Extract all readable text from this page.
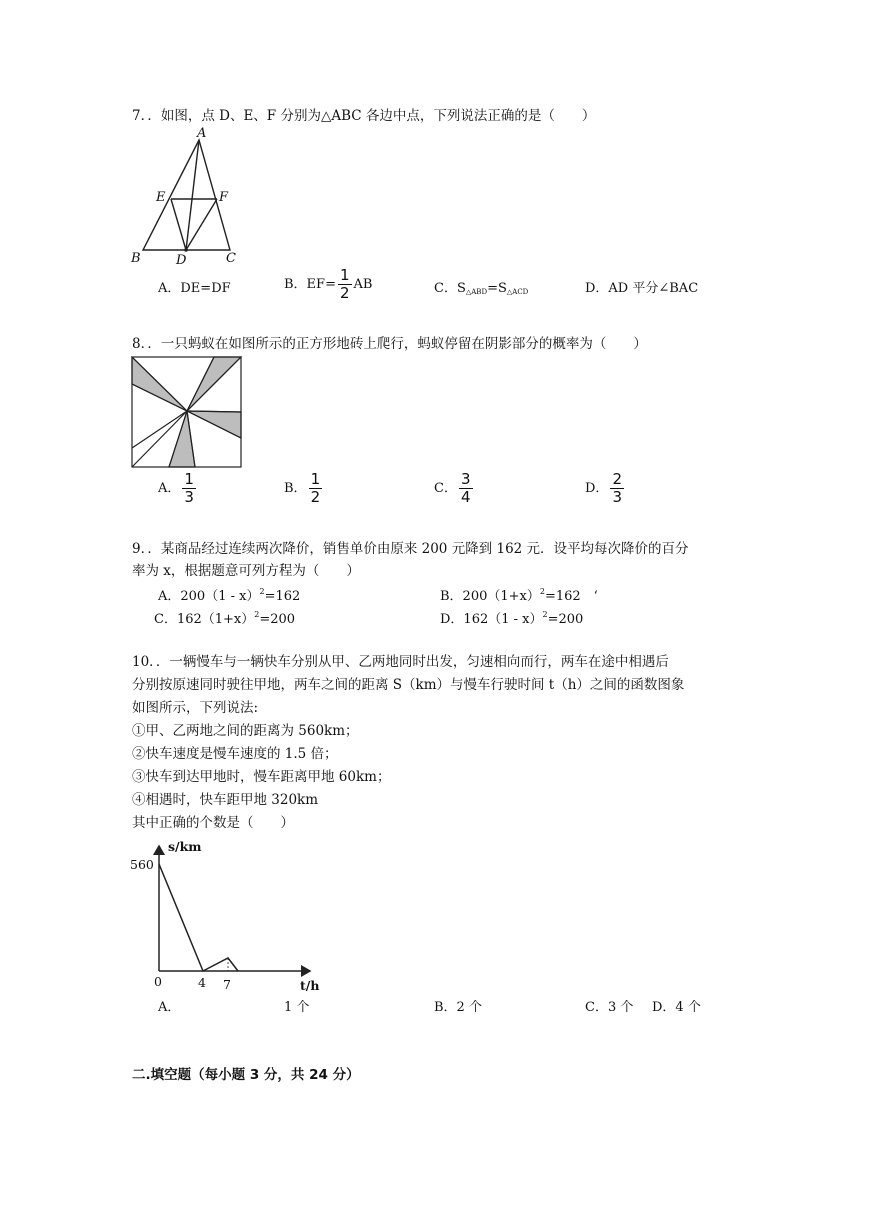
7．．如图，点 D、E、F 分别为△ABC 各边中点，下列说法正确的是（　　）
A
E	F
B	D	C
A．DE=DF	B．$EF= \frac{1}{2}$ AB	C．$S_{\triangle ABD}=S_{\triangle ACD}$	D．AD 平分∠BAC
8．．一只蚂蚁在如图所示的正方形地砖上爬行，蚂蚁停留在阴影部分的概率为（　　）
A． $\frac{1}{3}$	B． $\frac{1}{2}$	C． $\frac{3}{4}$	D． $\frac{2}{3}$
9．．某商品经过连续两次降价，销售单价由原来 200 元降到 162 元．设平均每次降价的百分
率为 x，根据题意可列方程为（　　）
A．200（1 - x）$^2$=162	B．$200(1+x)^2=162$　‘
C．$162(1+x)^2=200$	D．162（1 - x）$^2$=200
10．．一辆慢车与一辆快车分别从甲、乙两地同时出发，匀速相向而行，两车在途中相遇后
分别按原速同时驶往甲地，两车之间的距离 S（km）与慢车行驶时间 t（h）之间的函数图象
如图所示，下列说法:
①甲、乙两地之间的距离为 560km；
②快车速度是慢车速度的 1.5 倍；
③快车到达甲地时，慢车距离甲地 60km；
④相遇时，快车距甲地 320km
其中正确的个数是（　　）
s/km
t/h
560
0	4 7
A．	1 个	B．2 个	C．3 个 D．4 个
二.填空题（每小题 3 分，共 24 分）
